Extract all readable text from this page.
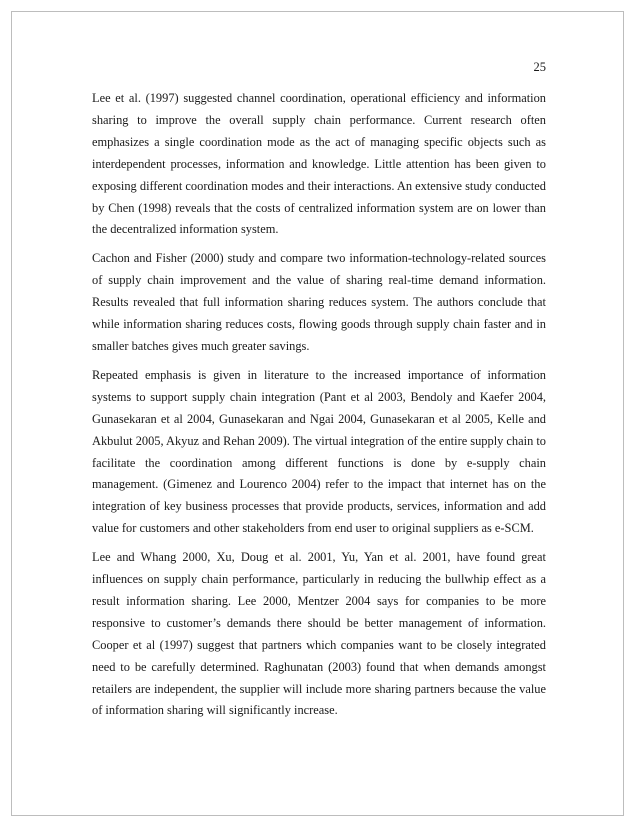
25

Lee et al. (1997) suggested channel coordination, operational efficiency and information sharing to improve the overall supply chain performance. Current research often emphasizes a single coordination mode as the act of managing specific objects such as interdependent processes, information and knowledge. Little attention has been given to exposing different coordination modes and their interactions. An extensive study conducted by Chen (1998) reveals that the costs of centralized information system are on lower than the decentralized information system.

Cachon and Fisher (2000) study and compare two information-technology-related sources of supply chain improvement and the value of sharing real-time demand information. Results revealed that full information sharing reduces system. The authors conclude that while information sharing reduces costs, flowing goods through supply chain faster and in smaller batches gives much greater savings.

Repeated emphasis is given in literature to the increased importance of information systems to support supply chain integration (Pant et al 2003, Bendoly and Kaefer 2004, Gunasekaran et al 2004, Gunasekaran and Ngai 2004, Gunasekaran et al 2005, Kelle and Akbulut 2005, Akyuz and Rehan 2009). The virtual integration of the entire supply chain to facilitate the coordination among different functions is done by e-supply chain management. (Gimenez and Lourenco 2004) refer to the impact that internet has on the integration of key business processes that provide products, services, information and add value for customers and other stakeholders from end user to original suppliers as e-SCM.

Lee and Whang 2000, Xu, Doug et al. 2001, Yu, Yan et al. 2001, have found great influences on supply chain performance, particularly in reducing the bullwhip effect as a result information sharing. Lee 2000, Mentzer 2004 says for companies to be more responsive to customer’s demands there should be better management of information. Cooper et al (1997) suggest that partners which companies want to be closely integrated need to be carefully determined. Raghunatan (2003) found that when demands amongst retailers are independent, the supplier will include more sharing partners because the value of information sharing will significantly increase.
